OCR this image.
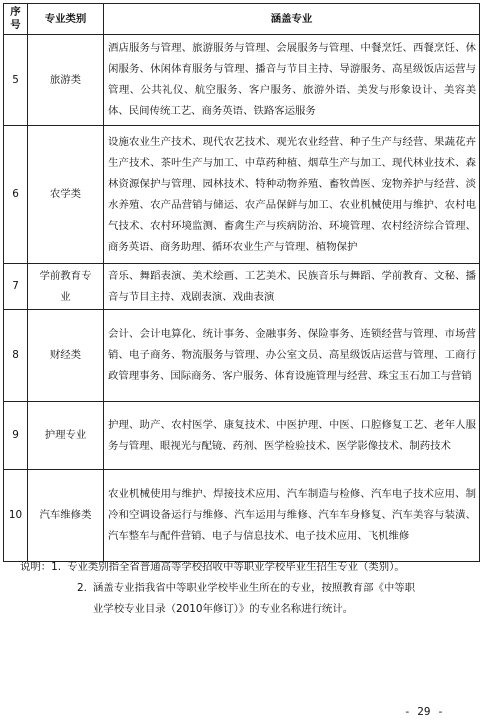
序号	专业类别	涵盖专业
5	旅游类	酒店服务与管理、旅游服务与管理、会展服务与管理、中餐烹饪、西餐烹饪、休闲服务、休闲体育服务与管理、播音与节目主持、导游服务、高星级饭店运营与管理、公共礼仪、航空服务、客户服务、旅游外语、美发与形象设计、美容美体、民间传统工艺、商务英语、铁路客运服务
6	农学类	设施农业生产技术、现代农艺技术、观光农业经营、种子生产与经营、果蔬花卉生产技术、茶叶生产与加工、中草药种植、烟草生产与加工、现代林业技术、森林资源保护与管理、园林技术、特种动物养殖、畜牧兽医、宠物养护与经营、淡水养殖、农产品营销与储运、农产品保鲜与加工、农业机械使用与维护、农村电气技术、农村环境监测、畜禽生产与疾病防治、环境管理、农村经济综合管理、商务英语、商务助理、循环农业生产与管理、植物保护
7	学前教育专业	音乐、舞蹈表演、美术绘画、工艺美术、民族音乐与舞蹈、学前教育、文秘、播音与节目主持、戏剧表演、戏曲表演
8	财经类	会计、会计电算化、统计事务、金融事务、保险事务、连锁经营与管理、市场营销、电子商务、物流服务与管理、办公室文员、高星级饭店运营与管理、工商行政管理事务、国际商务、客户服务、体育设施管理与经营、珠宝玉石加工与营销
9	护理专业	护理、助产、农村医学、康复技术、中医护理、中医、口腔修复工艺、老年人服务与管理、眼视光与配镜、药剂、医学检验技术、医学影像技术、制药技术
10	汽车维修类	农业机械使用与维护、焊接技术应用、汽车制造与检修、汽车电子技术应用、制冷和空调设备运行与维修、汽车运用与维修、汽车车身修复、汽车美容与装潢、汽车整车与配件营销、电子与信息技术、电子技术应用、飞机维修
说明： 1. 专业类别指全省普通高等学校招收中等职业学校毕业生招生专业（类别）。
2. 涵盖专业指我省中等职业学校毕业生所在的专业，按照教育部《中等职业学校专业目录（2010年修订）》的专业名称进行统计。
- 29 -
